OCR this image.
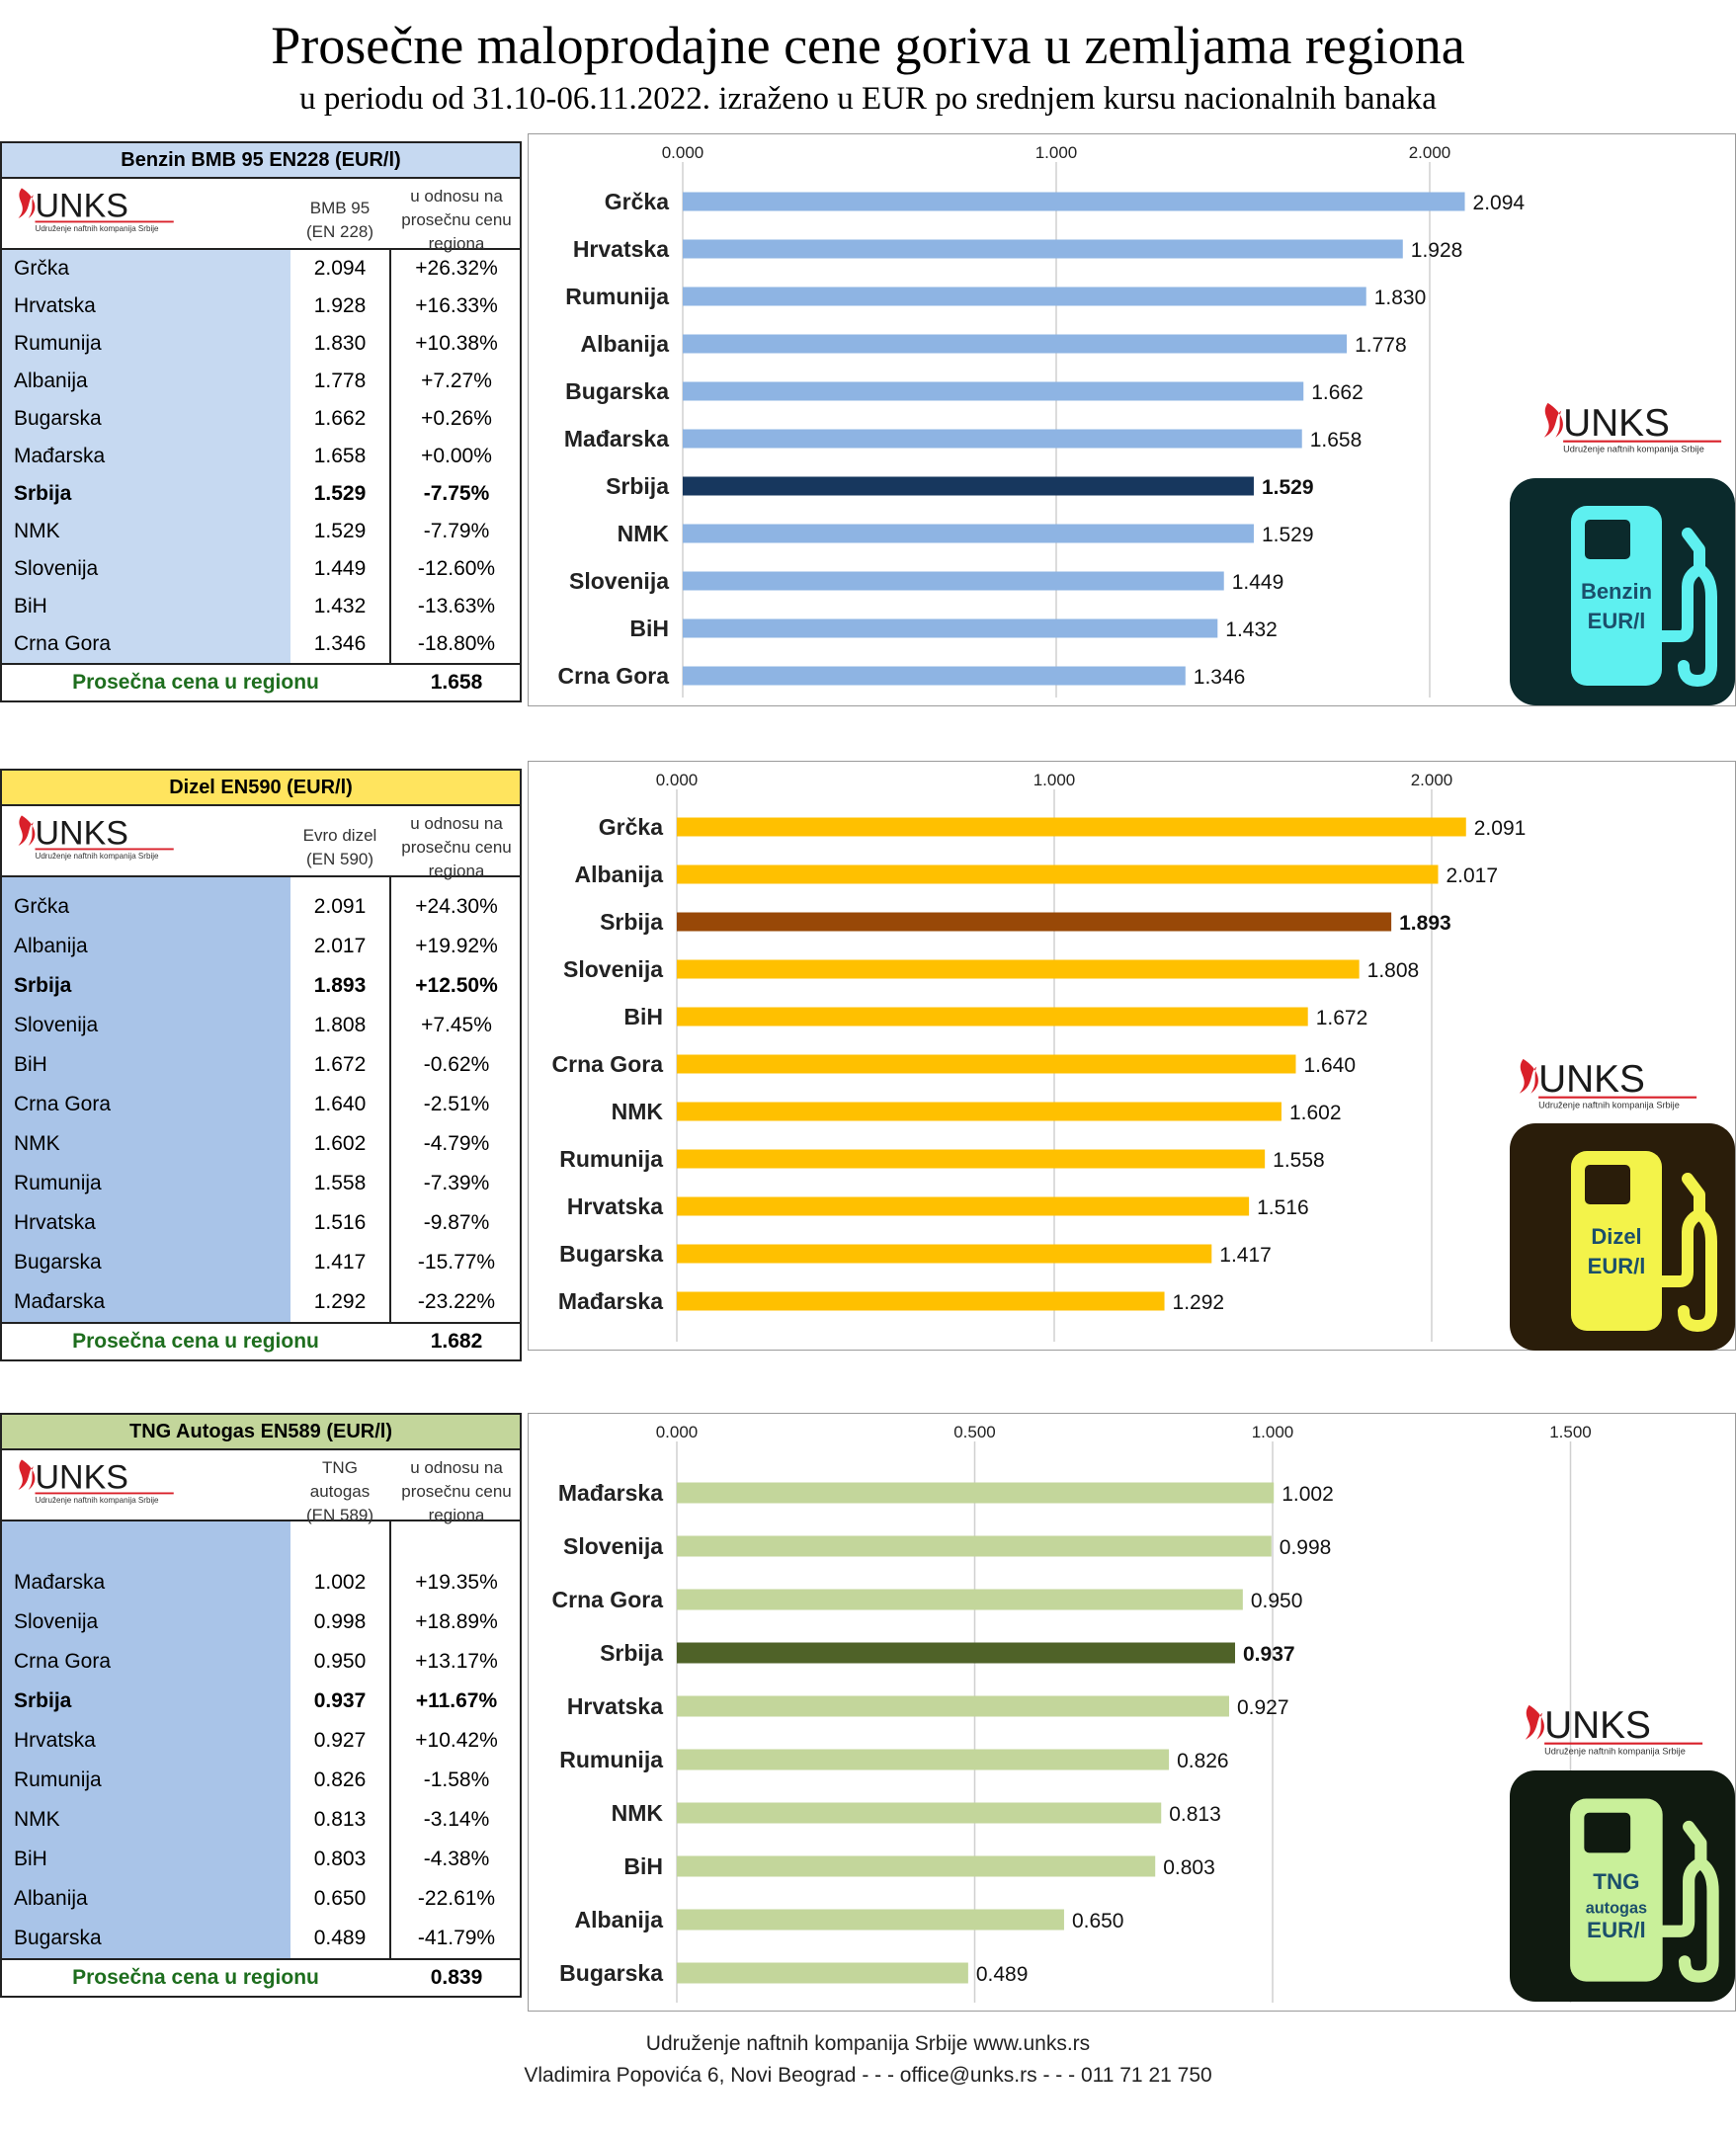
Prosečne maloprodajne cene goriva u zemljama regiona
u periodu od 31.10-06.11.2022. izraženo u EUR po srednjem kursu nacionalnih banaka
Benzin BMB 95 EN228 (EUR/l)
UNKS
Udruženje naftnih kompanija Srbije
BMB 95
(EN 228)
u odnosu na
prosečnu cenu
regiona
Grčka	2.094	+26.32%
Hrvatska	1.928	+16.33%
Rumunija	1.830	+10.38%
Albanija	1.778	+7.27%
Bugarska	1.662	+0.26%
Mađarska	1.658	+0.00%
Srbija	1.529	-7.75%
NMK	1.529	-7.79%
Slovenija	1.449	-12.60%
BiH	1.432	-13.63%
Crna Gora	1.346	-18.80%
Prosečna cena u regionu	1.658
0.000	1.000	2.000
Grčka	2.094
Hrvatska	1.928
Rumunija	1.830
Albanija	1.778
Bugarska	1.662
Mađarska	1.658
Srbija	1.529
NMK	1.529
Slovenija	1.449
BiH	1.432
Crna Gora	1.346
UNKS
Udruženje naftnih kompanija Srbije
Benzin
EUR/l
Dizel EN590 (EUR/l)
UNKS
Udruženje naftnih kompanija Srbije
Evro dizel
(EN 590)
u odnosu na
prosečnu cenu
regiona
Grčka	2.091	+24.30%
Albanija	2.017	+19.92%
Srbija	1.893	+12.50%
Slovenija	1.808	+7.45%
BiH	1.672	-0.62%
Crna Gora	1.640	-2.51%
NMK	1.602	-4.79%
Rumunija	1.558	-7.39%
Hrvatska	1.516	-9.87%
Bugarska	1.417	-15.77%
Mađarska	1.292	-23.22%
Prosečna cena u regionu	1.682
0.000	1.000	2.000
Grčka	2.091
Albanija	2.017
Srbija	1.893
Slovenija	1.808
BiH	1.672
Crna Gora	1.640
NMK	1.602
Rumunija	1.558
Hrvatska	1.516
Bugarska	1.417
Mađarska	1.292
UNKS
Udruženje naftnih kompanija Srbije
Dizel
EUR/l
TNG Autogas EN589 (EUR/l)
UNKS
Udruženje naftnih kompanija Srbije
TNG
autogas
(EN 589)
u odnosu na
prosečnu cenu
regiona
Mađarska	1.002	+19.35%
Slovenija	0.998	+18.89%
Crna Gora	0.950	+13.17%
Srbija	0.937	+11.67%
Hrvatska	0.927	+10.42%
Rumunija	0.826	-1.58%
NMK	0.813	-3.14%
BiH	0.803	-4.38%
Albanija	0.650	-22.61%
Bugarska	0.489	-41.79%
Prosečna cena u regionu	0.839
0.000	0.500	1.000	1.500
Mađarska	1.002
Slovenija	0.998
Crna Gora	0.950
Srbija	0.937
Hrvatska	0.927
Rumunija	0.826
NMK	0.813
BiH	0.803
Albanija	0.650
Bugarska	0.489
UNKS
Udruženje naftnih kompanija Srbije
TNG
autogas
EUR/l
Udruženje naftnih kompanija Srbije www.unks.rs
Vladimira Popovića 6, Novi Beograd - - - office@unks.rs - - - 011 71 21 750
